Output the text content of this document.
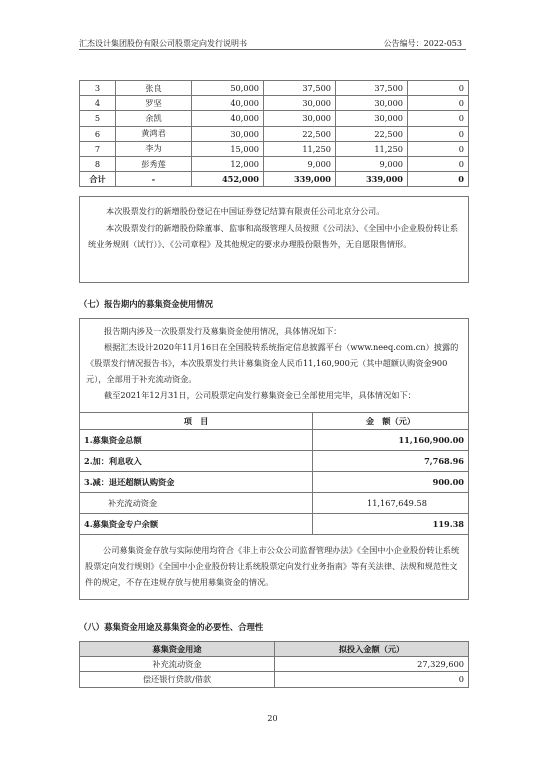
汇杰设计集团股份有限公司股票定向发行说明书	公告编号：2022-053
3	张良	50,000	37,500	37,500	0
4	罗坚	40,000	30,000	30,000	0
5	余凯	40,000	30,000	30,000	0
6	黄鸿君	30,000	22,500	22,500	0
7	李为	15,000	11,250	11,250	0
8	彭秀莲	12,000	9,000	9,000	0
合计	-	452,000	339,000	339,000	0
本次股票发行的新增股份登记在中国证券登记结算有限责任公司北京分公司。
本次股票发行的新增股份除董事、监事和高级管理人员按照《公司法》、《全国中小企业股份转让系统业务规则（试行）》、《公司章程》及其他规定的要求办理股份限售外，无自愿限售情形。
（七）报告期内的募集资金使用情况
报告期内涉及一次股票发行及募集资金使用情况，具体情况如下：
根据汇杰设计2020年11月16日在全国股转系统指定信息披露平台（www.neeq.com.cn）披露的《股票发行情况报告书》，本次股票发行共计募集资金人民币11,160,900元（其中超额认购资金900元），全部用于补充流动资金。
截至2021年12月31日，公司股票定向发行募集资金已全部使用完毕，具体情况如下：
项　目	金　额（元）
1.募集资金总额	11,160,900.00
2.加：利息收入	7,768.96
3.减：退还超额认购资金	900.00
补充流动资金	11,167,649.58
4.募集资金专户余额	119.38
公司募集资金存放与实际使用均符合《非上市公众公司监督管理办法》《全国中小企业股份转让系统股票定向发行规则》《全国中小企业股份转让系统股票定向发行业务指南》等有关法律、法规和规范性文件的规定，不存在违规存放与使用募集资金的情况。
（八）募集资金用途及募集资金的必要性、合理性
募集资金用途	拟投入金额（元）
补充流动资金	27,329,600
偿还银行贷款/借款	0
20
